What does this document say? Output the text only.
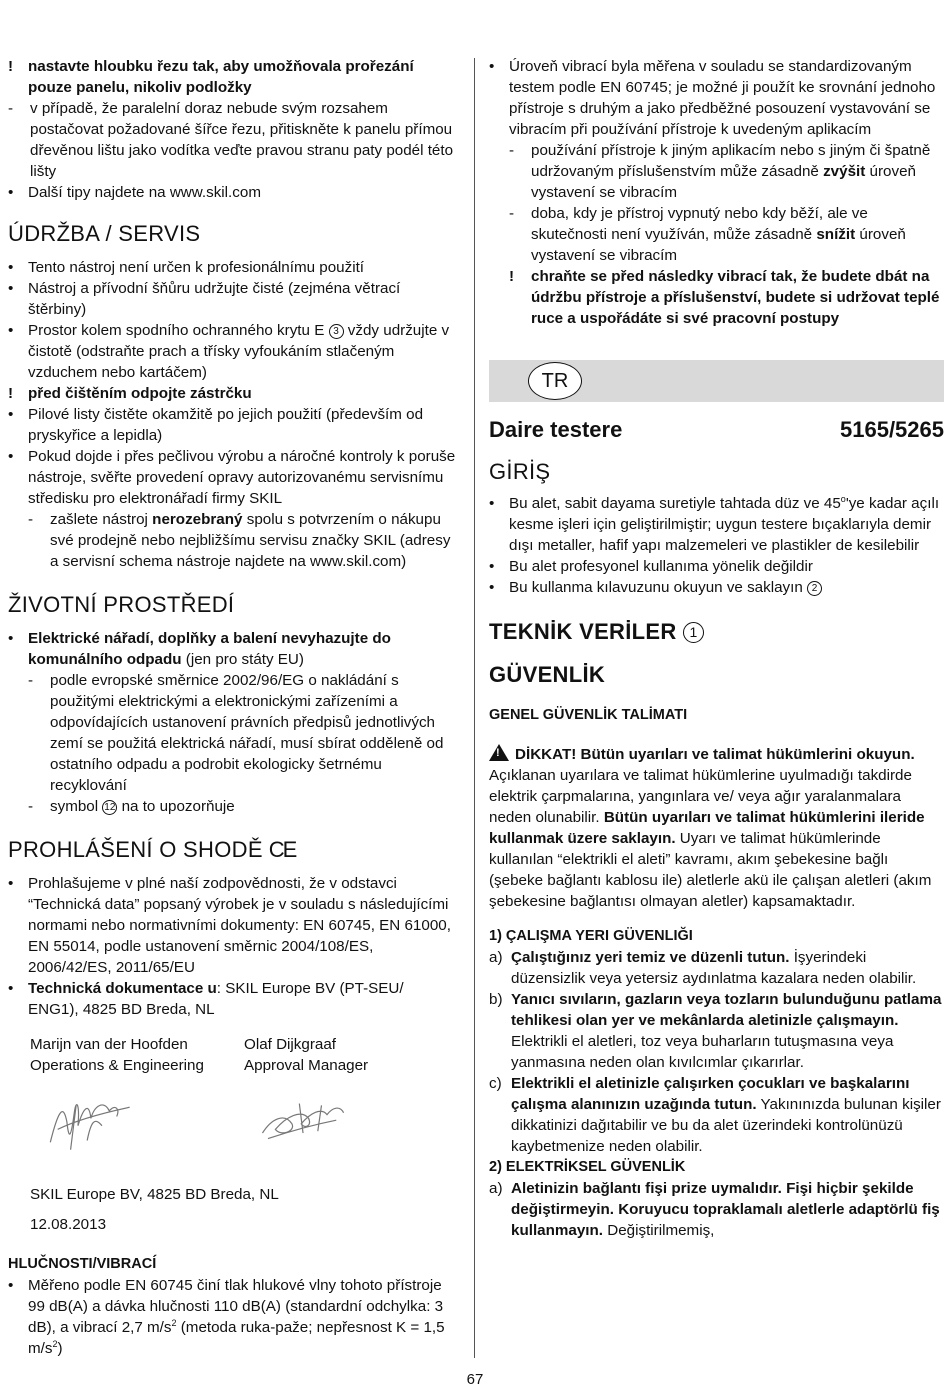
! nastavte hloubku řezu tak, aby umožňovala prořezání pouze panelu, nikoliv podložky
- v případě, že paralelní doraz nebude svým rozsahem postačovat požadované šířce řezu, přitiskněte k panelu přímou dřevěnou lištu jako vodítka veďte pravou stranu paty podél této lišty
• Další tipy najdete na www.skil.com
ÚDRŽBA / SERVIS
• Tento nástroj není určen k profesionálnímu použití
• Nástroj a přívodní šňůru udržujte čisté (zejména větrací štěrbiny)
• Prostor kolem spodního ochranného krytu E 3 vždy udržujte v čistotě (odstraňte prach a třísky vyfoukáním stlačeným vzduchem nebo kartáčem)
! před čištěním odpojte zástrčku
• Pilové listy čistěte okamžitě po jejich použití (především od pryskyřice a lepidla)
• Pokud dojde i přes pečlivou výrobu a náročné kontroly k poruše nástroje, svěřte provedení opravy autorizovanému servisnímu středisku pro elektronářadí firmy SKIL
- zašlete nástroj nerozebraný spolu s potvrzením o nákupu své prodejně nebo nejbližšímu servisu značky SKIL (adresy a servisní schema nástroje najdete na www.skil.com)
ŽIVOTNÍ PROSTŘEDÍ
• Elektrické nářadí, doplňky a balení nevyhazujte do komunálního odpadu (jen pro státy EU)
- podle evropské směrnice 2002/96/EG o nakládání s použitými elektrickými a elektronickými zařízeními a odpovídajících ustanovení právních předpisů jednotlivých zemí se použitá elektrická nářadí, musí sbírat odděleně od ostatního odpadu a podrobit ekologicky šetrnému recyklování
- symbol 12 na to upozorňuje
PROHLÁŠENÍ O SHODĚ CE
• Prohlašujeme v plné naší zodpovědnosti, že v odstavci “Technická data” popsaný výrobek je v souladu s následujícími normami nebo normativními dokumenty: EN 60745, EN 61000, EN 55014, podle ustanovení směrnic 2004/108/ES, 2006/42/ES, 2011/65/EU
• Technická dokumentace u: SKIL Europe BV (PT-SEU/ ENG1), 4825 BD Breda, NL

Marijn van der Hoofden

Operations & Engineering

Olaf Dijkgraaf

Approval Manager

SKIL Europe BV, 4825 BD Breda, NL

12.08.2013

HLUČNOSTI/VIBRACÍ
• Měřeno podle EN 60745 činí tlak hlukové vlny tohoto přístroje 99 dB(A) a dávka hlučnosti 110 dB(A) (standardní odchylka: 3 dB), a vibrací 2,7 $m/s^2$ (metoda ruka-paže; nepřesnost K = 1,5 $m/s^2$)
• Úroveň vibrací byla měřena v souladu se standardizovaným testem podle EN 60745; je možné ji použít ke srovnání jednoho přístroje s druhým a jako předběžné posouzení vystavování se vibracím při používání přístroje k uvedeným aplikacím
- používání přístroje k jiným aplikacím nebo s jiným či špatně udržovaným příslušenstvím může zásadně zvýšit úroveň vystavení se vibracím
- doba, kdy je přístroj vypnutý nebo kdy běží, ale ve skutečnosti není využíván, může zásadně snížit úroveň vystavení se vibracím
! chraňte se před následky vibrací tak, že budete dbát na údržbu přístroje a příslušenství, budete si udržovat teplé ruce a uspořádáte si své pracovní postupy
TR
Daire testere	5165/5265
GİRİŞ
• Bu alet, sabit dayama suretiyle tahtada düz ve 45$^o$'ye kadar açılı kesme işleri için geliştirilmiştir; uygun testere bıçaklarıyla demir dışı metaller, hafif yapı malzemeleri ve plastikler de kesilebilir
• Bu alet profesyonel kullanıma yönelik değildir
• Bu kullanma kılavuzunu okuyun ve saklayın 2
TEKNİK VERİLER 1
GÜVENLİK
GENEL GÜVENLİK TALİMATI

!DİKKAT! Bütün uyarıları ve talimat hükümlerini okuyun. Açıklanan uyarılara ve talimat hükümlerine uyulmadığı takdirde elektrik çarpmalarına, yangınlara ve/ veya ağır yaralanmalara neden olunabilir. Bütün uyarıları ve talimat hükümlerini ileride kullanmak üzere saklayın. Uyarı ve talimat hükümlerinde kullanılan “elektrikli el aleti” kavramı, akım şebekesine bağlı (şebeke bağlantı kablosu ile) aletlerle akü ile çalışan aletleri (akım şebekesine bağlantısı olmayan aletler) kapsamaktadır.

1) ÇALIŞMA YERI GÜVENLIĞI
a) Çalıştığınız yeri temiz ve düzenli tutun. İşyerindeki düzensizlik veya yetersiz aydınlatma kazalara neden olabilir.
b) Yanıcı sıvıların, gazların veya tozların bulunduğunu patlama tehlikesi olan yer ve mekânlarda aletinizle çalışmayın. Elektrikli el aletleri, toz veya buharların tutuşmasına veya yanmasına neden olan kıvılcımlar çıkarırlar.
c) Elektrikli el aletinizle çalışırken çocukları ve başkalarını çalışma alanınızın uzağında tutun. Yakınınızda bulunan kişiler dikkatinizi dağıtabilir ve bu da alet üzerindeki kontrolünüzü kaybetmenize neden olabilir.
2) ELEKTRİKSEL GÜVENLİK
a) Aletinizin bağlantı fişi prize uymalıdır. Fişi hiçbir şekilde değiştirmeyin. Koruyucu topraklamalı aletlerle adaptörlü fiş kullanmayın. Değiştirilmemiş,
67
